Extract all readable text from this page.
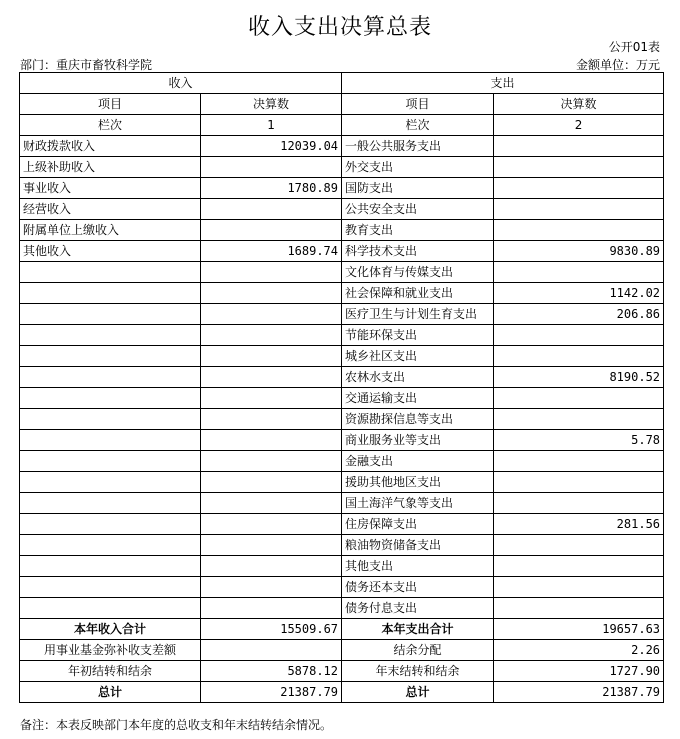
收入支出决算总表
公开01表
部门：重庆市畜牧科学院	金额单位：万元
收入		支出	
项目	决算数	项目	决算数
栏次	1	栏次	2
财政拨款收入	12039.04	一般公共服务支出	
上级补助收入		外交支出	
事业收入	1780.89	国防支出	
经营收入		公共安全支出	
附属单位上缴收入		教育支出	
其他收入	1689.74	科学技术支出	9830.89
		文化体育与传媒支出	
		社会保障和就业支出	1142.02
		医疗卫生与计划生育支出	206.86
		节能环保支出	
		城乡社区支出	
		农林水支出	8190.52
		交通运输支出	
		资源勘探信息等支出	
		商业服务业等支出	5.78
		金融支出	
		援助其他地区支出	
		国土海洋气象等支出	
		住房保障支出	281.56
		粮油物资储备支出	
		其他支出	
		债务还本支出	
		债务付息支出	
本年收入合计	15509.67	本年支出合计	19657.63
用事业基金弥补收支差额		结余分配	2.26
年初结转和结余	5878.12	年末结转和结余	1727.90
总计	21387.79	总计	21387.79
备注：本表反映部门本年度的总收支和年末结转结余情况。
